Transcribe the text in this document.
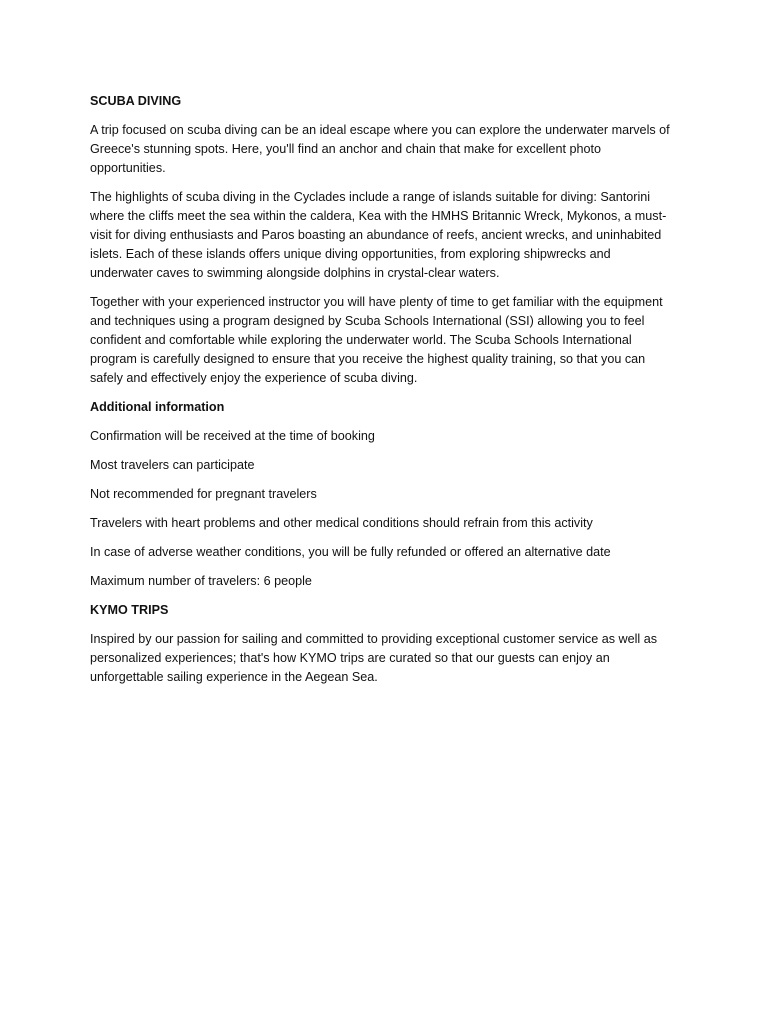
SCUBA DIVING

A trip focused on scuba diving can be an ideal escape where you can explore the underwater marvels of Greece's stunning spots. Here, you'll find an anchor and chain that make for excellent photo opportunities.

The highlights of scuba diving in the Cyclades include a range of islands suitable for diving: Santorini where the cliffs meet the sea within the caldera, Kea with the HMHS Britannic Wreck, Mykonos, a must-visit for diving enthusiasts and Paros boasting an abundance of reefs, ancient wrecks, and uninhabited islets. Each of these islands offers unique diving opportunities, from exploring shipwrecks and underwater caves to swimming alongside dolphins in crystal-clear waters.

Together with your experienced instructor you will have plenty of time to get familiar with the equipment and techniques using a program designed by Scuba Schools International (SSI) allowing you to feel confident and comfortable while exploring the underwater world. The Scuba Schools International program is carefully designed to ensure that you receive the highest quality training, so that you can safely and effectively enjoy the experience of scuba diving.

Additional information

Confirmation will be received at the time of booking

Most travelers can participate

Not recommended for pregnant travelers

Travelers with heart problems and other medical conditions should refrain from this activity

In case of adverse weather conditions, you will be fully refunded or offered an alternative date

Maximum number of travelers: 6 people

KYMO TRIPS

Inspired by our passion for sailing and committed to providing exceptional customer service as well as personalized experiences; that's how KYMO trips are curated so that our guests can enjoy an unforgettable sailing experience in the Aegean Sea.
